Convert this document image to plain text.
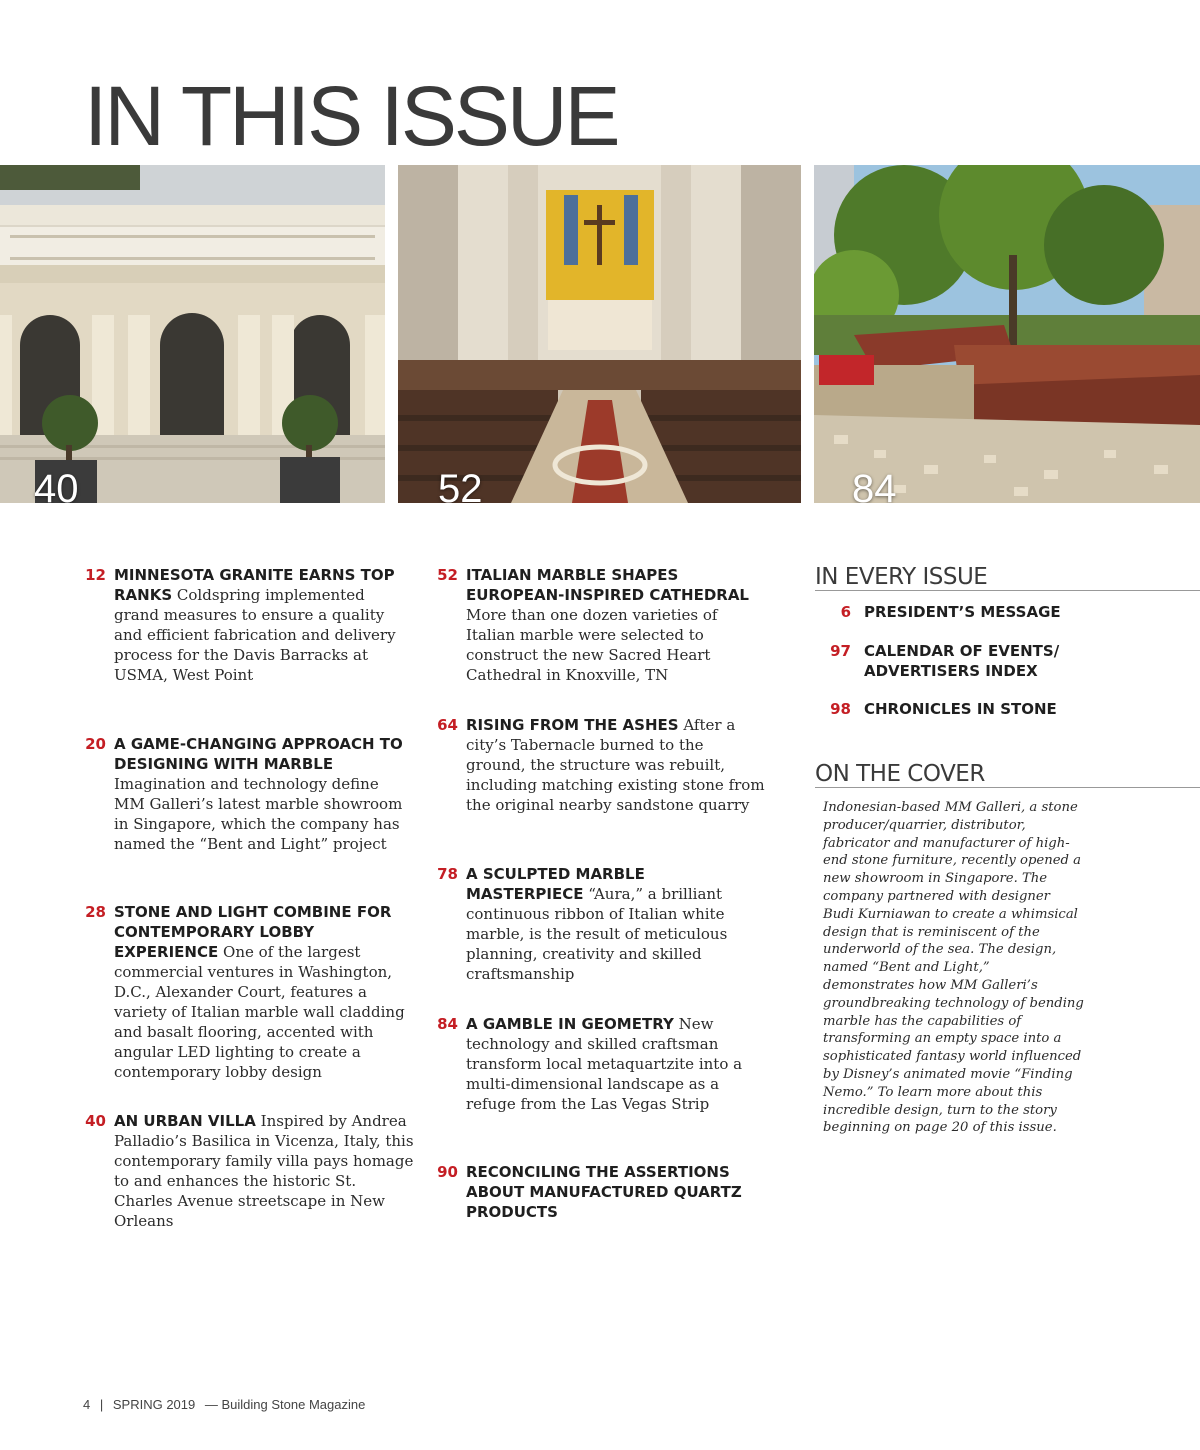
IN THIS ISSUE
40	52	84
12 MINNESOTA GRANITE EARNS TOP RANKS Coldspring implemented grand measures to ensure a quality and efficient fabrication and delivery process for the Davis Barracks at USMA, West Point
20 A GAME-CHANGING APPROACH TO DESIGNING WITH MARBLE Imagination and technology define MM Galleri’s latest marble showroom in Singapore, which the company has named the “Bent and Light” project
28 STONE AND LIGHT COMBINE FOR CONTEMPORARY LOBBY EXPERIENCE One of the largest commercial ventures in Washington, D.C., Alexander Court, features a variety of Italian marble wall cladding and basalt flooring, accented with angular LED lighting to create a contemporary lobby design
40 AN URBAN VILLA Inspired by Andrea Palladio’s Basilica in Vicenza, Italy, this contemporary family villa pays homage to and enhances the historic St. Charles Avenue streetscape in New Orleans
52 ITALIAN MARBLE SHAPES EUROPEAN-INSPIRED CATHEDRAL More than one dozen varieties of Italian marble were selected to construct the new Sacred Heart Cathedral in Knoxville, TN
64 RISING FROM THE ASHES After a city’s Tabernacle burned to the ground, the structure was rebuilt, including matching existing stone from the original nearby sandstone quarry
78 A SCULPTED MARBLE MASTERPIECE “Aura,” a brilliant continuous ribbon of Italian white marble, is the result of meticulous planning, creativity and skilled craftsmanship
84 A GAMBLE IN GEOMETRY New technology and skilled craftsman transform local metaquartzite into a multi-dimensional landscape as a refuge from the Las Vegas Strip
90 RECONCILING THE ASSERTIONS ABOUT MANUFACTURED QUARTZ PRODUCTS
IN EVERY ISSUE
6 PRESIDENT’S MESSAGE
97 CALENDAR OF EVENTS/ ADVERTISERS INDEX
98 CHRONICLES IN STONE
ON THE COVER

Indonesian-based MM Galleri, a stone producer/quarrier, distributor, fabricator and manufacturer of high-end stone furniture, recently opened a new showroom in Singapore. The company partnered with designer Budi Kurniawan to create a whimsical design that is reminiscent of the underworld of the sea. The design, named “Bent and Light,” demonstrates how MM Galleri’s groundbreaking technology of bending marble has the capabilities of transforming an empty space into a sophisticated fantasy world influenced by Disney’s animated movie “Finding Nemo.” To learn more about this incredible design, turn to the story beginning on page 20 of this issue.

4 | SPRING 2019 — Building Stone Magazine
